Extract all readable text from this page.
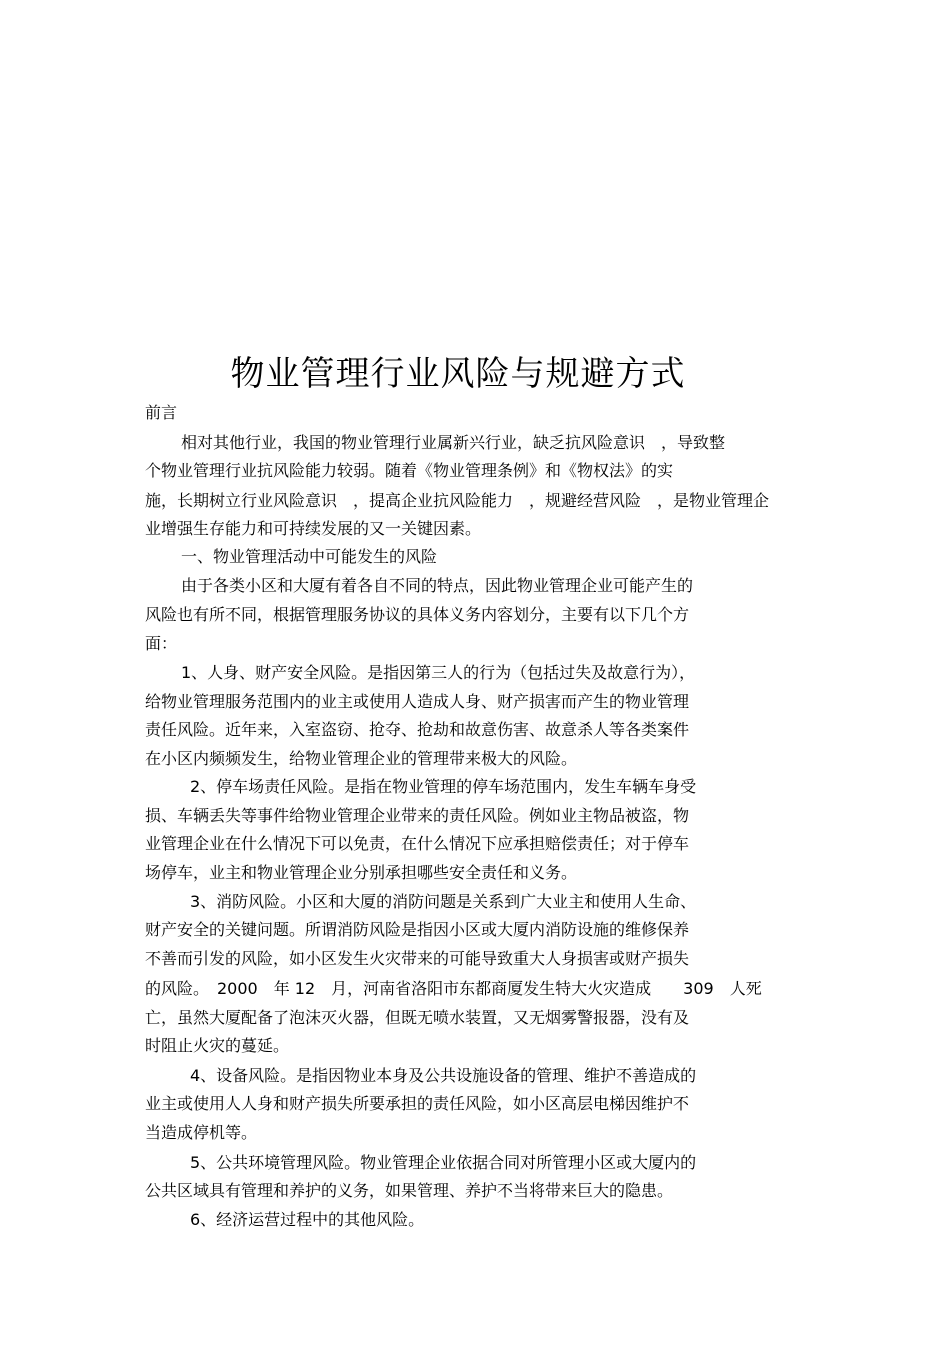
物业管理行业风险与规避方式
前言
相对其他行业，我国的物业管理行业属新兴行业，缺乏抗风险意识　，导致整
个物业管理行业抗风险能力较弱。随着《物业管理条例》和《物权法》的实
施，长期树立行业风险意识　，提高企业抗风险能力　，规避经营风险　，是物业管理企
业增强生存能力和可持续发展的又一关键因素。
一、物业管理活动中可能发生的风险
由于各类小区和大厦有着各自不同的特点，因此物业管理企业可能产生的
风险也有所不同，根据管理服务协议的具体义务内容划分，主要有以下几个方
面：
1、人身、财产安全风险。是指因第三人的行为（包括过失及故意行为），
给物业管理服务范围内的业主或使用人造成人身、财产损害而产生的物业管理
责任风险。近年来，入室盗窃、抢夺、抢劫和故意伤害、故意杀人等各类案件
在小区内频频发生，给物业管理企业的管理带来极大的风险。
2、停车场责任风险。是指在物业管理的停车场范围内，发生车辆车身受
损、车辆丢失等事件给物业管理企业带来的责任风险。例如业主物品被盗，物
业管理企业在什么情况下可以免责，在什么情况下应承担赔偿责任；对于停车
场停车，业主和物业管理企业分别承担哪些安全责任和义务。
3、消防风险。小区和大厦的消防问题是关系到广大业主和使用人生命、
财产安全的关键问题。所谓消防风险是指因小区或大厦内消防设施的维修保养
不善而引发的风险，如小区发生火灾带来的可能导致重大人身损害或财产损失
的风险。　2000　年 12　月，河南省洛阳市东都商厦发生特大火灾造成　　309　人死
亡，虽然大厦配备了泡沫灭火器，但既无喷水装置，又无烟雾警报器，没有及
时阻止火灾的蔓延。
4、设备风险。是指因物业本身及公共设施设备的管理、维护不善造成的
业主或使用人人身和财产损失所要承担的责任风险，如小区高层电梯因维护不
当造成停机等。
5、公共环境管理风险。物业管理企业依据合同对所管理小区或大厦内的
公共区域具有管理和养护的义务，如果管理、养护不当将带来巨大的隐患。
6、经济运营过程中的其他风险。
